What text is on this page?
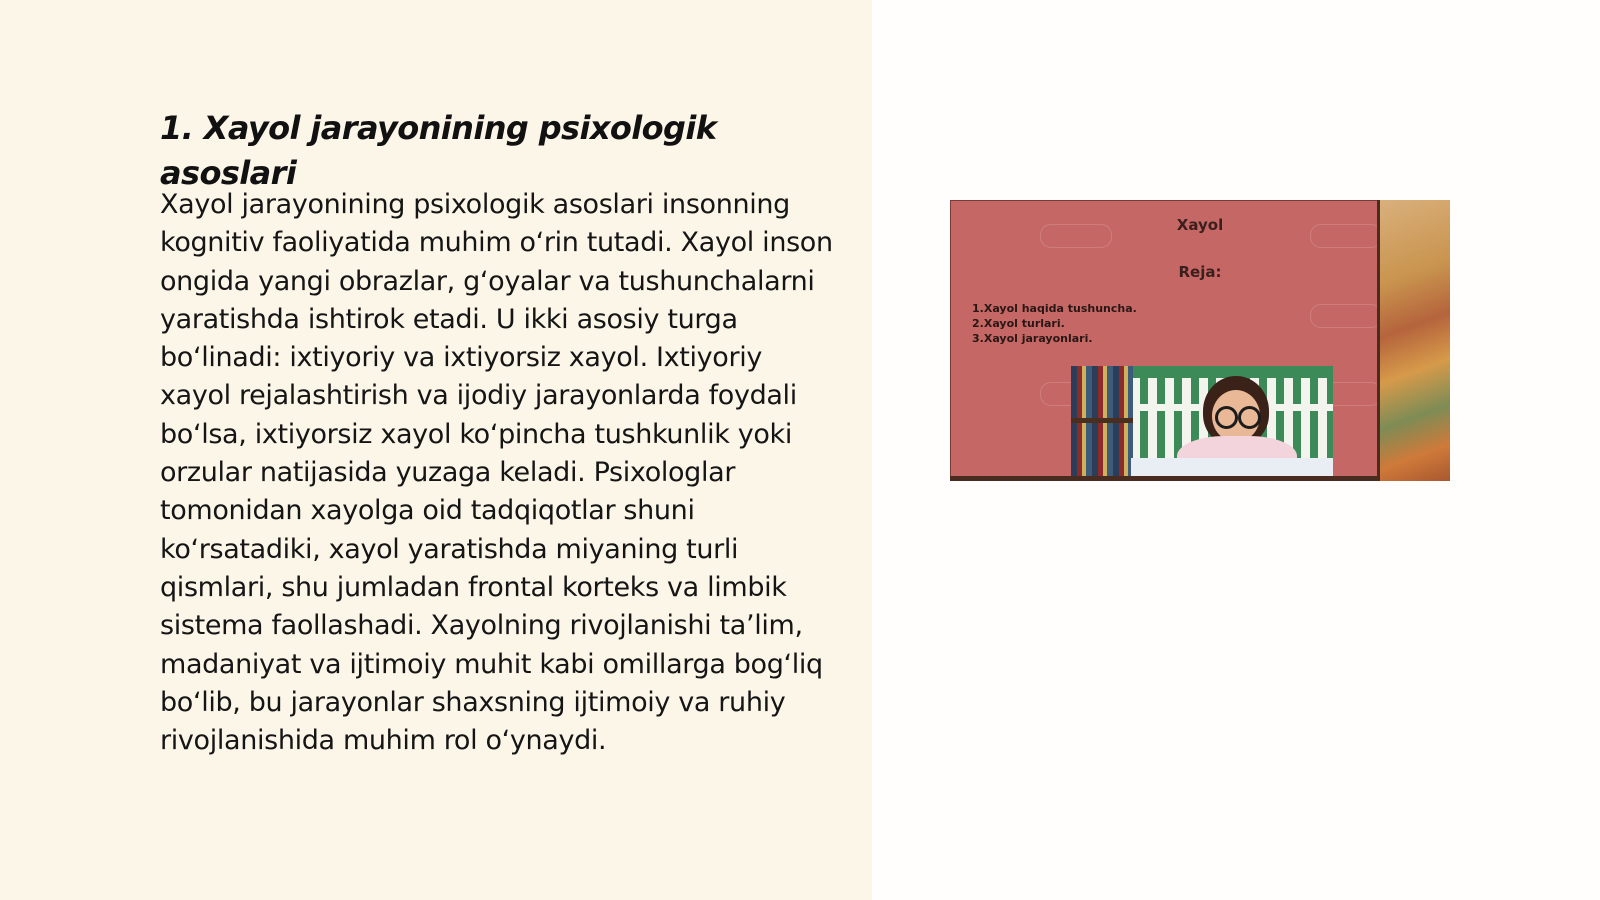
1. Xayol jarayonining psixologik asoslari

Xayol jarayonining psixologik asoslari insonning kognitiv faoliyatida muhim oʻrin tutadi. Xayol inson ongida yangi obrazlar, gʻoyalar va tushunchalarni yaratishda ishtirok etadi. U ikki asosiy turga boʻlinadi: ixtiyoriy va ixtiyorsiz xayol. Ixtiyoriy xayol rejalashtirish va ijodiy jarayonlarda foydali boʻlsa, ixtiyorsiz xayol koʻpincha tushkunlik yoki orzular natijasida yuzaga keladi. Psixologlar tomonidan xayolga oid tadqiqotlar shuni koʻrsatadiki, xayol yaratishda miyaning turli qismlari, shu jumladan frontal korteks va limbik sistema faollashadi. Xayolning rivojlanishi taʼlim, madaniyat va ijtimoiy muhit kabi omillarga bogʻliq boʻlib, bu jarayonlar shaxsning ijtimoiy va ruhiy rivojlanishida muhim rol oʻynaydi.

Xayol
Reja:
1.Xayol haqida tushuncha.
2.Xayol turlari.
3.Xayol jarayonlari.
